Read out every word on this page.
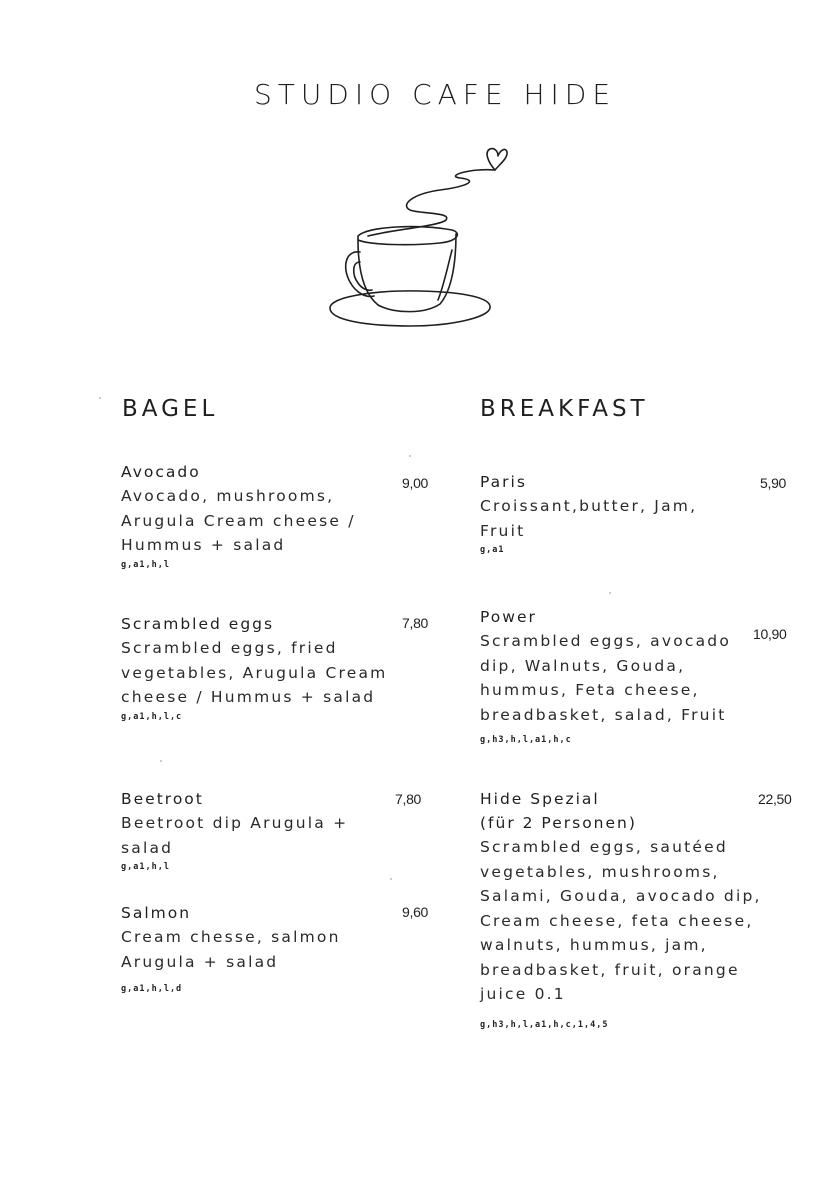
STUDIO CAFE HIDE
BAGEL
Avocado
Avocado, mushrooms,
Arugula Cream cheese /
Hummus + salad
g,a1,h,l
9,00
Scrambled eggs
Scrambled eggs, fried
vegetables, Arugula Cream
cheese / Hummus + salad
g,a1,h,l,c
7,80
Beetroot
Beetroot dip Arugula +
salad
g,a1,h,l
7,80
Salmon
Cream chesse, salmon
Arugula + salad
g,a1,h,l,d
9,60
BREAKFAST
Paris
Croissant,butter, Jam,
Fruit
g,a1
5,90
Power
Scrambled eggs, avocado
dip, Walnuts, Gouda,
hummus, Feta cheese,
breadbasket, salad, Fruit
g,h3,h,l,a1,h,c
10,90
Hide Spezial
(für 2 Personen)
Scrambled eggs, sautéed
vegetables, mushrooms,
Salami, Gouda, avocado dip,
Cream cheese, feta cheese,
walnuts, hummus, jam,
breadbasket, fruit, orange
juice 0.1
g,h3,h,l,a1,h,c,1,4,5
22,50
